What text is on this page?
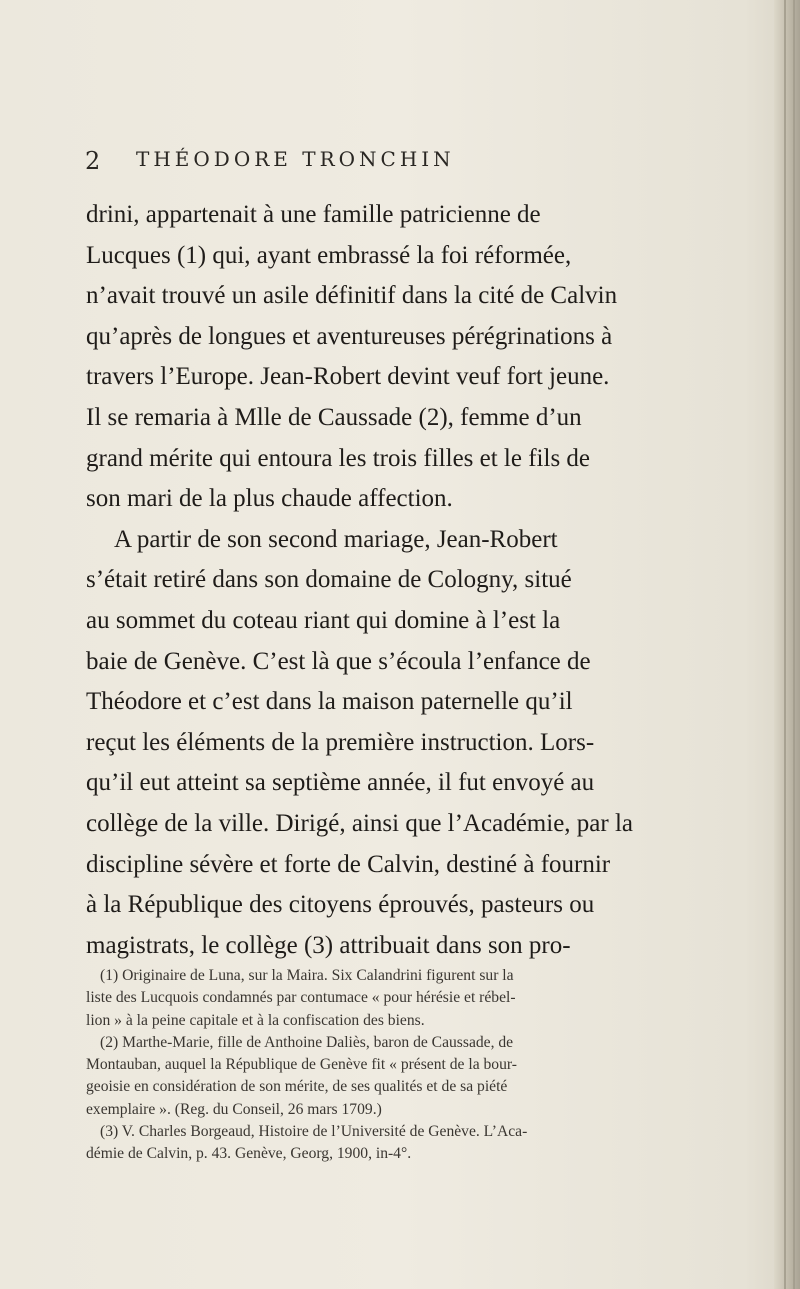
2 THÉODORE TRONCHIN
drini, appartenait à une famille patricienne de
Lucques (1) qui, ayant embrassé la foi réformée,
n’avait trouvé un asile définitif dans la cité de Calvin
qu’après de longues et aventureuses pérégrinations à
travers l’Europe. Jean-Robert devint veuf fort jeune.
Il se remaria à Mlle de Caussade (2), femme d’un
grand mérite qui entoura les trois filles et le fils de
son mari de la plus chaude affection.
A partir de son second mariage, Jean-Robert
s’était retiré dans son domaine de Cologny, situé
au sommet du coteau riant qui domine à l’est la
baie de Genève. C’est là que s’écoula l’enfance de
Théodore et c’est dans la maison paternelle qu’il
reçut les éléments de la première instruction. Lors-
qu’il eut atteint sa septième année, il fut envoyé au
collège de la ville. Dirigé, ainsi que l’Académie, par la
discipline sévère et forte de Calvin, destiné à fournir
à la République des citoyens éprouvés, pasteurs ou
magistrats, le collège (3) attribuait dans son pro-
(1) Originaire de Luna, sur la Maira. Six Calandrini figurent sur la
liste des Lucquois condamnés par contumace « pour hérésie et rébel-
lion » à la peine capitale et à la confiscation des biens.
(2) Marthe-Marie, fille de Anthoine Daliès, baron de Caussade, de
Montauban, auquel la République de Genève fit « présent de la bour-
geoisie en considération de son mérite, de ses qualités et de sa piété
exemplaire ». (Reg. du Conseil, 26 mars 1709.)
(3) V. Charles Borgeaud, Histoire de l’Université de Genève. L’Aca-
démie de Calvin, p. 43. Genève, Georg, 1900, in-4°.
